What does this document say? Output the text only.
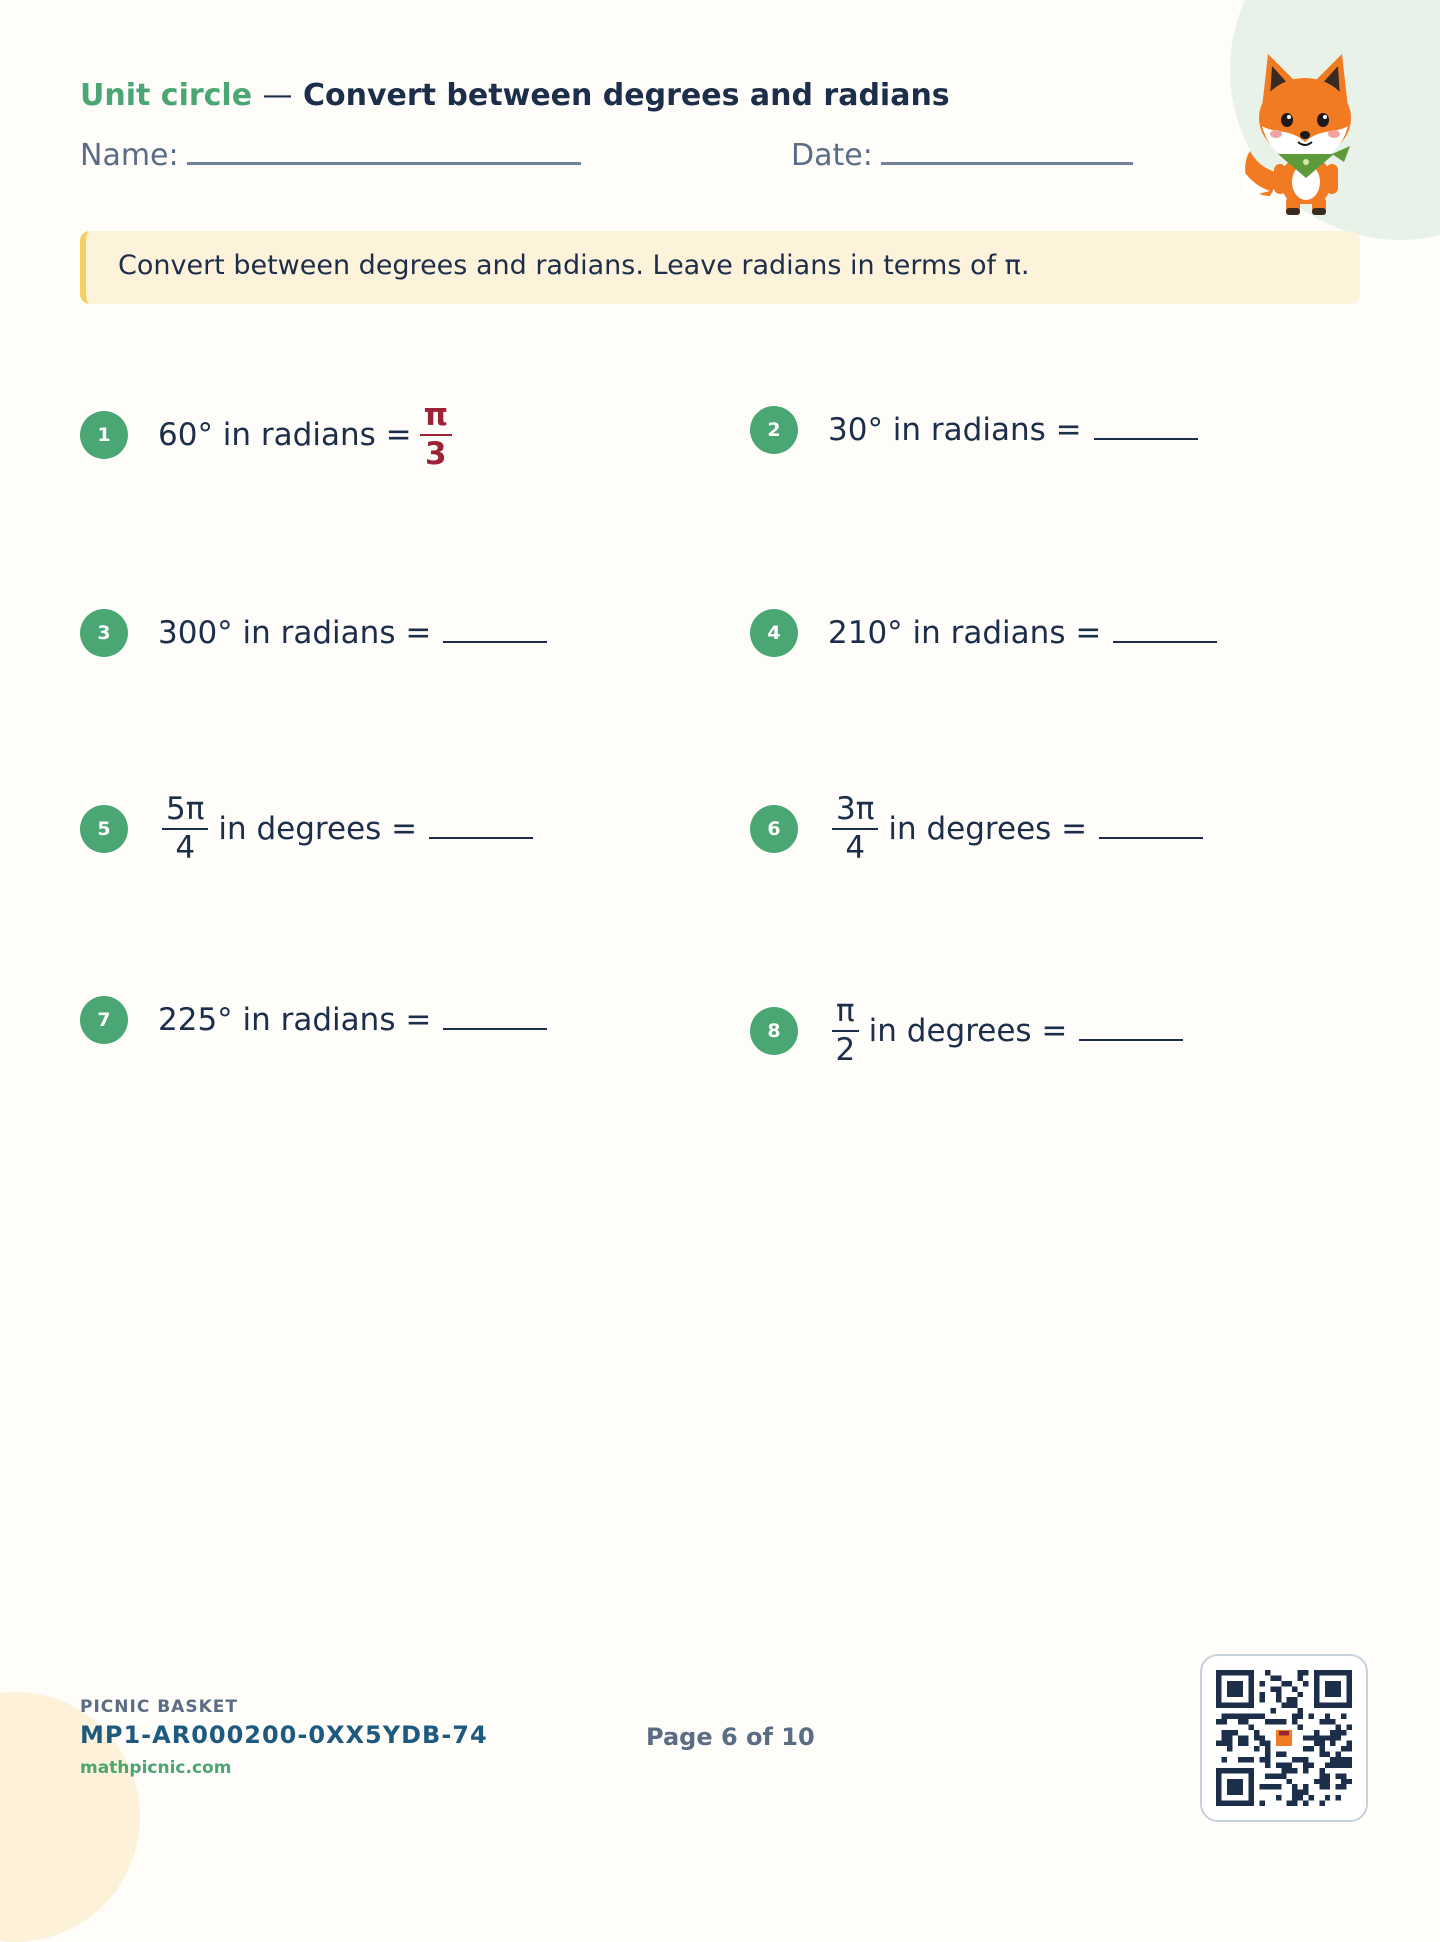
Unit circle — Convert between degrees and radians
Name:	Date:
Convert between degrees and radians. Leave radians in terms of π.
1	60° in radians = $\frac{\pi}{3}$	2	30° in radians =
3	300° in radians =	4	210° in radians =
5	$\frac{5\pi}{4}$ in degrees =	6	$\frac{3\pi}{4}$ in degrees =
7	225° in radians =	8	$\frac{\pi}{2}$ in degrees =
PICNIC BASKET
MP1-AR000200-0XX5YDB-74
mathpicnic.com
Page 6 of 10
